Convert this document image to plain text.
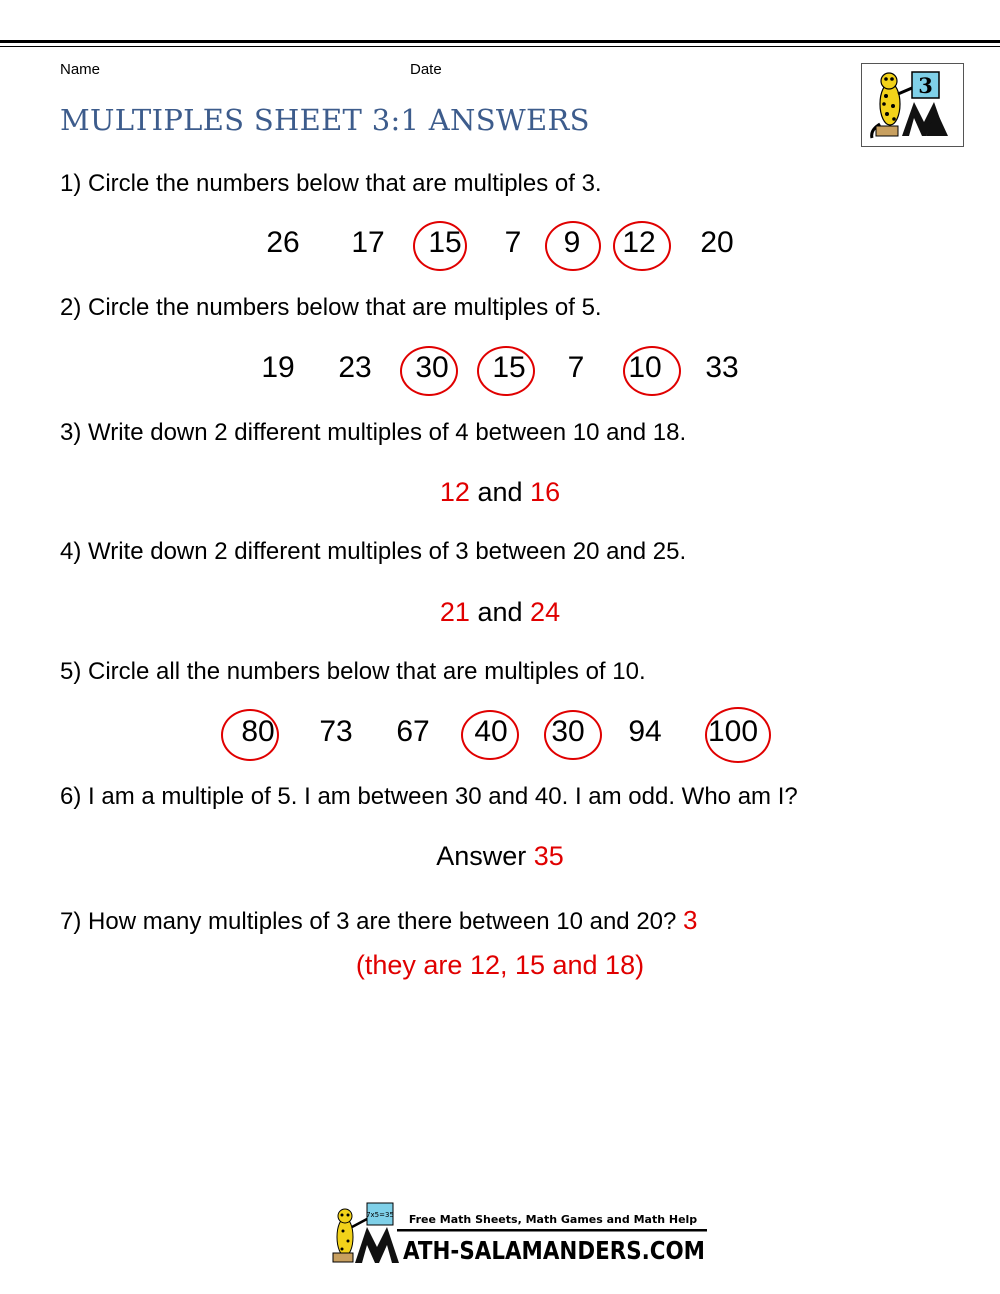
Name	Date
MULTIPLES SHEET 3:1 ANSWERS
3
1) Circle the numbers below that are multiples of 3.
26 17 15 7 9 12 20
2) Circle the numbers below that are multiples of 5.
19 23 30 15 7 10 33
3) Write down 2 different multiples of 4 between 10 and 18.
12 and 16
4) Write down 2 different multiples of 3 between 20 and 25.
21 and 24
5) Circle all the numbers below that are multiples of 10.
80 73 67 40 30 94 100
6) I am a multiple of 5. I am between 30 and 40. I am odd. Who am I?
Answer 35
7) How many multiples of 3 are there between 10 and 20? 3
(they are 12, 15 and 18)
7x5=35 Free Math Sheets, Math Games and Math Help
ATH-SALAMANDERS.COM
